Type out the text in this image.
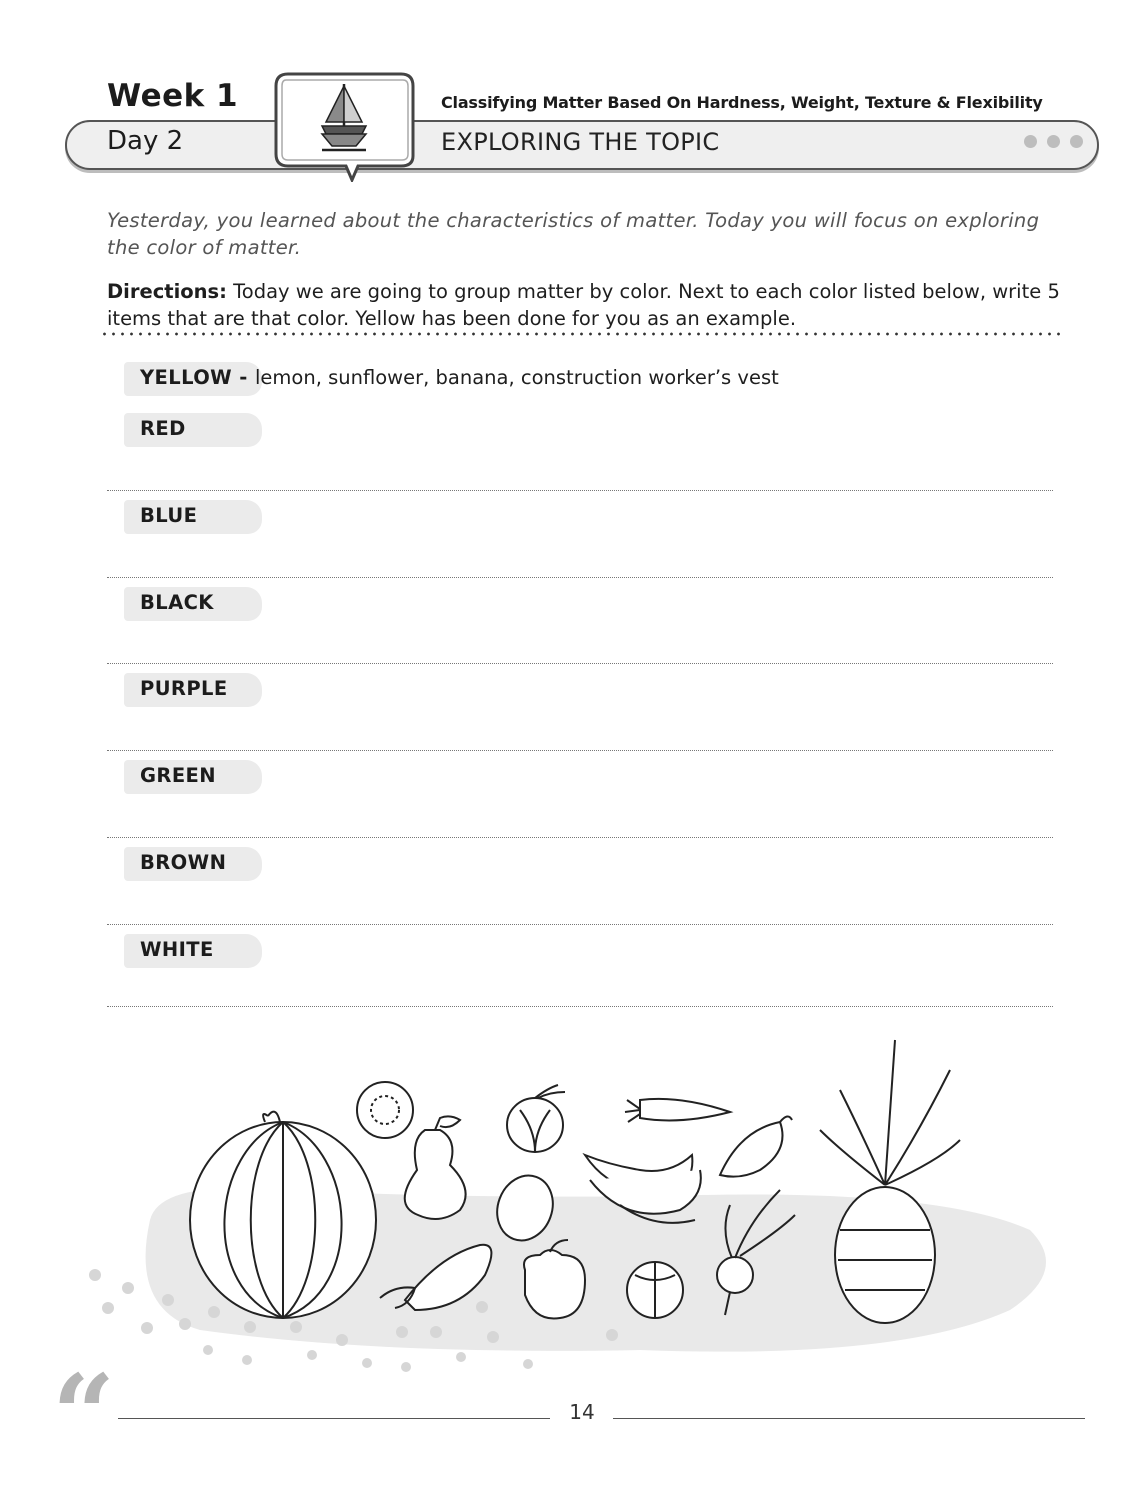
Week 1	Classifying Matter Based On Hardness, Weight, Texture & Flexibility
Day 2	EXPLORING THE TOPIC
Yesterday, you learned about the characteristics of matter. Today you will focus on exploring the color of matter.
Directions: Today we are going to group matter by color. Next to each color listed below, write 5 items that are that color. Yellow has been done for you as an example.
YELLOW - lemon, sunflower, banana, construction worker’s vest
RED
BLUE
BLACK
PURPLE
GREEN
BROWN
WHITE
“	14
